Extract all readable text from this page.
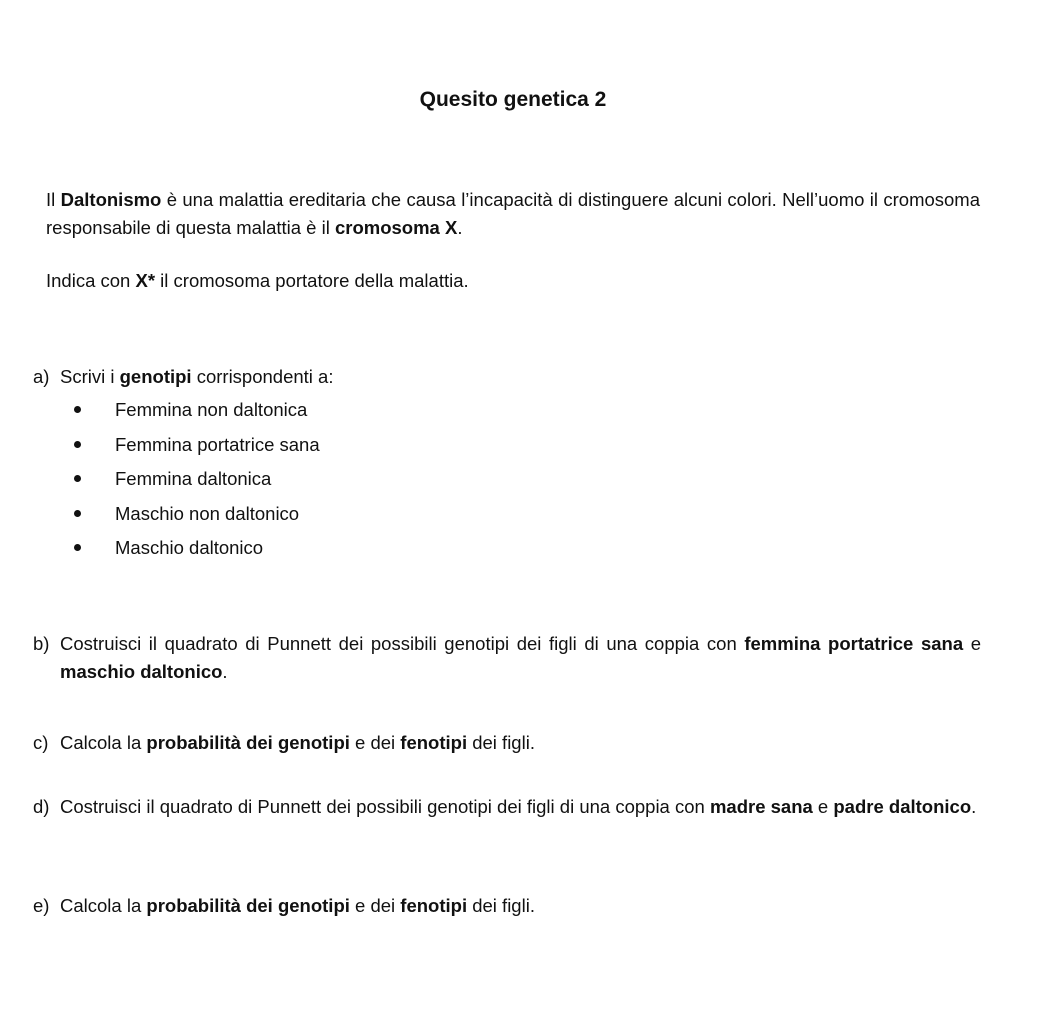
Quesito genetica 2
Il Daltonismo è una malattia ereditaria che causa l’incapacità di distinguere alcuni colori. Nell’uomo il cromosoma responsabile di questa malattia è il cromosoma X.
Indica con X* il cromosoma portatore della malattia.
a) Scrivi i genotipi corrispondenti a:
Femmina non daltonica
Femmina portatrice sana
Femmina daltonica
Maschio non daltonico
Maschio daltonico
b) Costruisci il quadrato di Punnett dei possibili genotipi dei figli di una coppia con femmina portatrice sana e maschio daltonico.
c) Calcola la probabilità dei genotipi e dei fenotipi dei figli.
d) Costruisci il quadrato di Punnett dei possibili genotipi dei figli di una coppia con madre sana e padre daltonico.
e) Calcola la probabilità dei genotipi e dei fenotipi dei figli.
